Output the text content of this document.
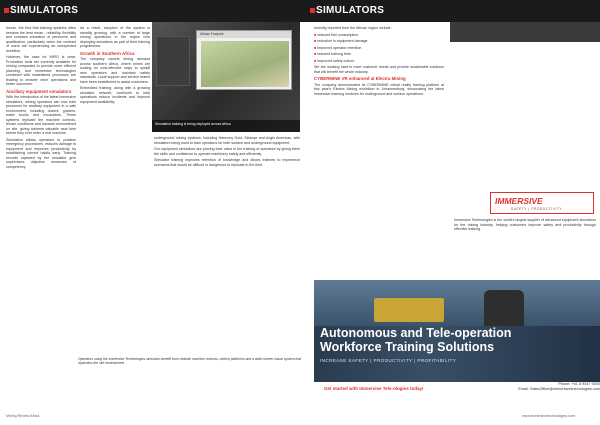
SIMULATORS	SIMULATORS

trends. We find that training systems often remains the best mean - reliability, flexibility and constant education of personnel and qualification, particularly when the contract of users are experiencing an unexpected workflow.

However, the case for MIRO is clear. Production tools are currently available for mining companies to provide more efficient planning, and immersive technologies combined with established processes are leading to smarter mine operations and better outcomes.

Ancillary equipment simulators

With the introduction of the latest Immersive simulators, mining operators can now train personnel for ancillary equipment in a safe environment, including dozers, graders, water trucks and excavators. These systems replicate the machine controls, terrain conditions and hazards encountered on site, giving trainees valuable seat time before they ever enter a real machine.

Simulation allows operators to practise emergency procedures, reduces damage to equipment and improves productivity by establishing correct habits early. Training records captured by the simulator give supervisors objective measures of competency.

As a result, adoption of the system is steadily growing, with a number of large mining operations in the region now deploying simulators as part of their training programmes.

Growth in Southern Africa

The company reports strong demand across southern Africa, where mines are looking for cost-effective ways to upskill new operators and maintain safety standards. Local support and service teams have been established to assist customers.

Embedded training, along with a growing simulator network, continues to help operations reduce incidents and improve equipment availability.

African Footprint
Simulation training is being deployed across Africa

underground mining systems, including Harmony Gold, Sibanye and Anglo American, with simulators being used to train operators for both surface and underground equipment.

Our equipment simulators are proving their value in the training of operators by giving them the skills and confidence to operate machinery safely and efficiently.

Simulator training improves retention of knowledge and allows trainees to experience scenarios that would be difficult or dangerous to replicate in the field.

recently reported from the African region include:

■ reduced fuel consumption

■ reduction in equipment damage

■ improved operator retention

■ reduced training time

■ improved safety culture

We are working hard to meet customer needs and provide sustainable solutions that will benefit the whole industry.

CYBERMINE VR enhanced at Electra Mining

The company demonstrated its CYBERMINE virtual reality training platform at this year's Electra Mining exhibition in Johannesburg, showcasing the latest immersive learning modules for underground and surface operations.

Operators using the Immersive Technologies simulator benefit from realistic machine controls, motion platforms and a wide-screen visual system that replicates the site environment.
Autonomous and Tele-operation
Workforce Training Solutions
INCREASE SAFETY | PRODUCTIVITY | PROFITABILITY
IMMERSIVE
SAFETY | PRODUCTIVITY
Immersive Technologies is the world's largest supplier of advanced equipment simulators for the mining industry, helping customers improve safety and productivity through effective training.
Get started with Immersive Tele-ologies today!
Phone: +61 8 9347 9000
Email: SalesOffice@immersivetechnologies.com
Mining Review Africa	www.immersivetechnologies.com
